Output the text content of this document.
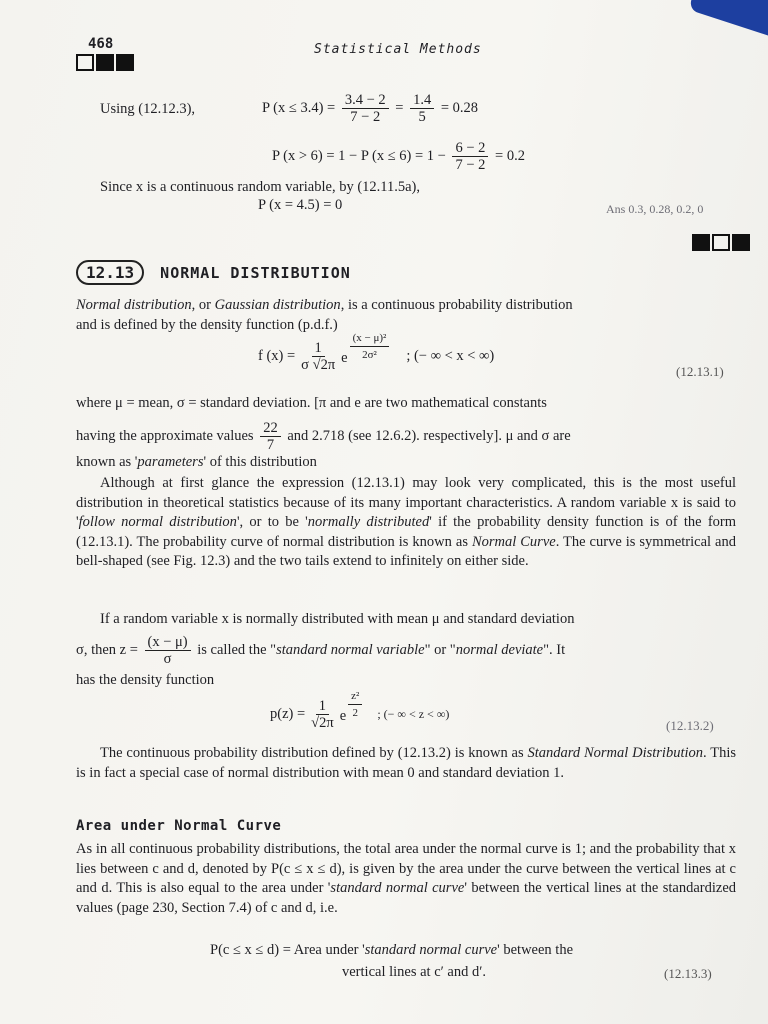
468	Statistical Methods
Using (12.12.3),	P $(x \le 3.4) = \frac{3.4 - 2}{7 - 2} = \frac{1.4}{5} = 0.28$
P (x > 6) = 1 − P $(x \le 6) = 1 - \frac{6 - 2}{7 - 2} = 0.2$
Since x is a continuous random variable, by (12.11.5a),
P (x = 4.5) = 0	Ans 0.3, 0.28, 0.2, 0
12.13	NORMAL DISTRIBUTION

Normal distribution, or Gaussian distribution, is a continuous probability distribution

and is defined by the density function (p.d.f.)

f $(x) = \frac{1}{\sigma √2\pi}$ e $\frac{\text{(x − μ)²}}{\text{2σ²}}$ ; (− ∞ < x < ∞)
(12.13.1)

where μ = mean, σ = standard deviation. [π and e are two mathematical constants

having the approximate values $\frac{22}{7}$ and 2.718 (see 12.6.2). respectively]. μ and σ are

known as 'parameters' of this distribution

Although at first glance the expression (12.13.1) may look very complicated, this is the most useful distribution in theoretical statistics because of its many important characteristics. A random variable x is said to 'follow normal distribution', or to be 'normally distributed' if the probability density function is of the form (12.13.1). The probability curve of normal distribution is known as Normal Curve. The curve is symmetrical and bell-shaped (see Fig. 12.3) and the two tails extend to infinitely on either side.

If a random variable x is normally distributed with mean μ and standard deviation

σ, then $z = \frac{(x - \mu)}{\sigma}$ is called the "standard normal variable" or "normal deviate". It

has the density function

$p(z) = \frac{1}{√2\pi}$ e $\frac{\text{z²}}{2}$ ; (− ∞ < z < ∞)
(12.13.2)

The continuous probability distribution defined by (12.13.2) is known as Standard Normal Distribution. This is in fact a special case of normal distribution with mean 0 and standard deviation 1.

Area under Normal Curve

As in all continuous probability distributions, the total area under the normal curve is 1; and the probability that x lies between c and d, denoted by P(c ≤ x ≤ d), is given by the area under the curve between the vertical lines at c and d. This is also equal to the area under 'standard normal curve' between the vertical lines at the standardized values (page 230, Section 7.4) of c and d, i.e.

P(c ≤ x ≤ d) = Area under 'standard normal curve' between the
vertical lines at c′ and d′.	(12.13.3)
